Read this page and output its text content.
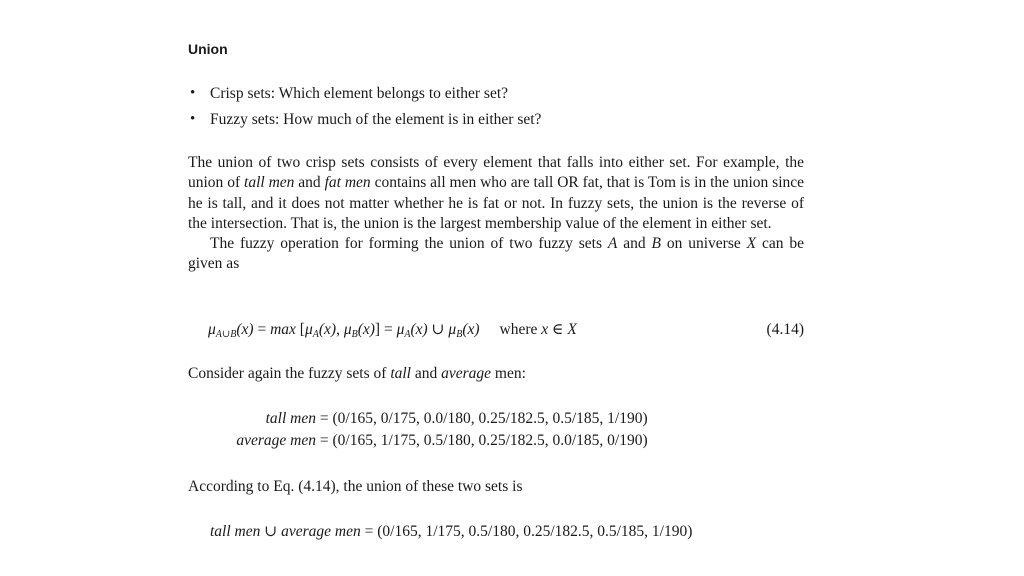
Union
• Crisp sets: Which element belongs to either set?
• Fuzzy sets: How much of the element is in either set?

The union of two crisp sets consists of every element that falls into either set. For example, the union of tall men and fat men contains all men who are tall OR fat, that is Tom is in the union since he is tall, and it does not matter whether he is fat or not. In fuzzy sets, the union is the reverse of the intersection. That is, the union is the largest membership value of the element in either set.

The fuzzy operation for forming the union of two fuzzy sets A and B on universe X can be given as

$\mu_{A\cup B}(x) = \max [\mu_A(x)$, $\mu_B(x)] = \mu_A(x)$ ∪ $\mu_B(x)$ where x ∈ X	(4.14)

Consider again the fuzzy sets of tall and average men:

tall men = (0/165, 0/175, 0.0/180, 0.25/182.5, 0.5/185, 1/190)
average men = (0/165, 1/175, 0.5/180, 0.25/182.5, 0.0/185, 0/190)

According to Eq. (4.14), the union of these two sets is

tall men ∪ average men = (0/165, 1/175, 0.5/180, 0.25/182.5, 0.5/185, 1/190)
